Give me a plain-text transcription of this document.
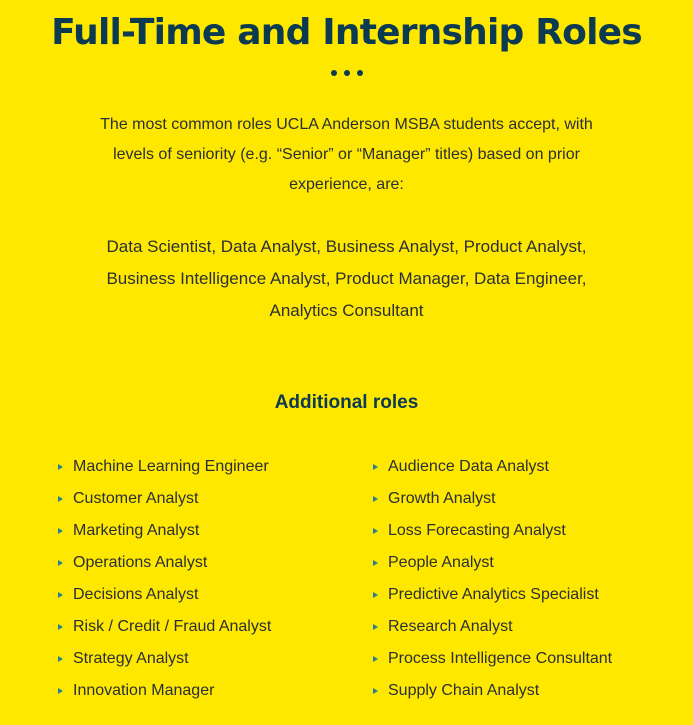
Full-Time and Internship Roles

The most common roles UCLA Anderson MSBA students accept, with levels of seniority (e.g. “Senior” or “Manager” titles) based on prior experience, are:

Data Scientist, Data Analyst, Business Analyst, Product Analyst, Business Intelligence Analyst, Product Manager, Data Engineer, Analytics Consultant

Additional roles
Machine Learning Engineer
Customer Analyst
Marketing Analyst
Operations Analyst
Decisions Analyst
Risk / Credit / Fraud Analyst
Strategy Analyst
Innovation Manager
Audience Data Analyst
Growth Analyst
Loss Forecasting Analyst
People Analyst
Predictive Analytics Specialist
Research Analyst
Process Intelligence Consultant
Supply Chain Analyst
